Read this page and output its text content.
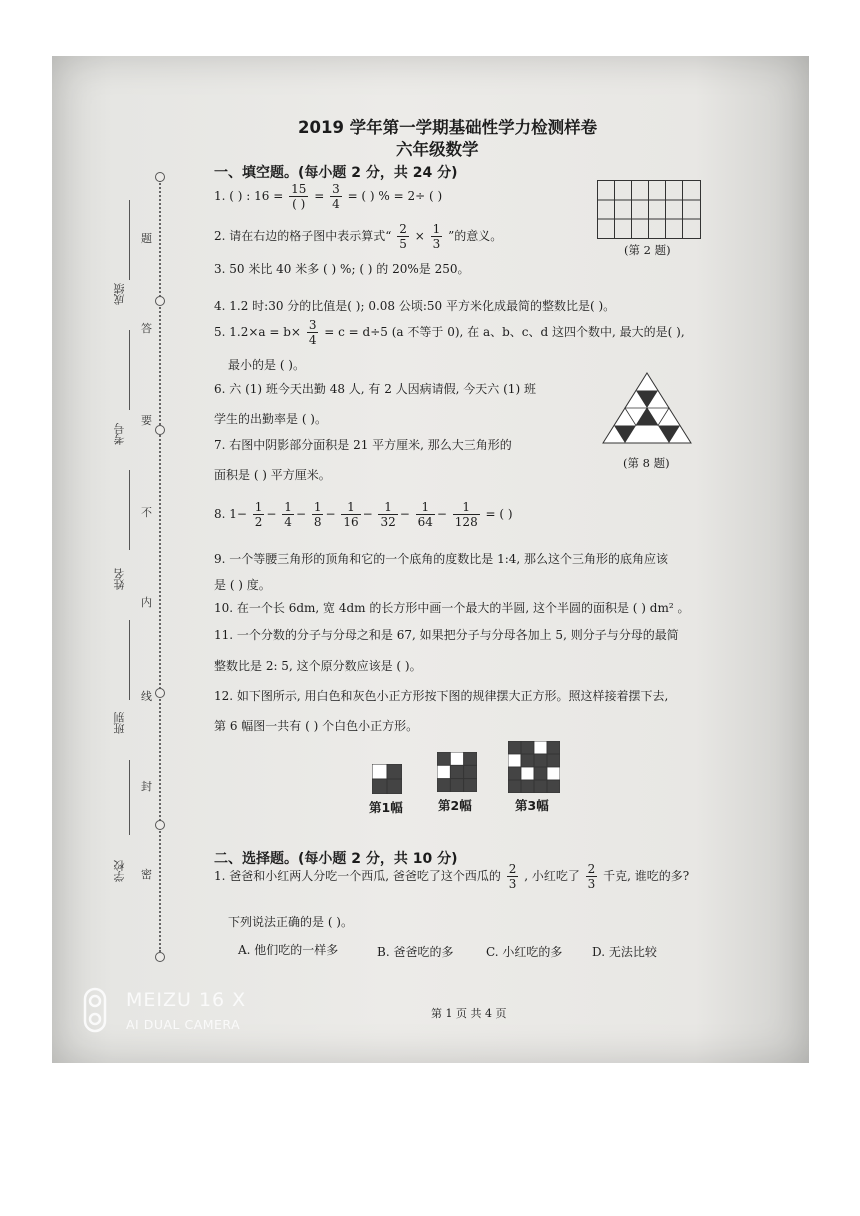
成绩
考号
姓名
班别
学校
题
答
要
不
内
线
封
密
2019 学年第一学期基础性学力检测样卷
六年级数学
一、填空题。(每小题 2 分，共 24 分)
1. ( ) : $16 = \frac{15}{( )} = \frac{3}{4}$ = ( ) % = 2÷ ( )
(第 2 题)
2. 请在右边的格子图中表示算式“ $\frac{2}{5} \times \frac{1}{3}$ ”的意义。
3. 50 米比 40 米多 ( ) %; ( ) 的 20%是 250。
4. 1.2 时:30 分的比值是( ); 0.08 公顷:50 平方米化成最简的整数比是( )。
5. $1.2\times a = b\times \frac{3}{4} = c = d\div 5$ (a 不等于 0), 在 a、b、c、d 这四个数中, 最大的是( ),
最小的是 ( )。
6. 六 (1) 班今天出勤 48 人, 有 2 人因病请假, 今天六 (1) 班
学生的出勤率是 ( )。
(第 8 题)
7. 右图中阴影部分面积是 21 平方厘米, 那么大三角形的
面积是 ( ) 平方厘米。
8. $1- \frac{1}{2} - \frac{1}{4} - \frac{1}{8} - \frac{1}{16} - \frac{1}{32} - \frac{1}{64} - \frac{1}{128}$ = ( )
9. 一个等腰三角形的顶角和它的一个底角的度数比是 1:4, 那么这个三角形的底角应该
是 ( ) 度。
10. 在一个长 6dm, 宽 4dm 的长方形中画一个最大的半圆, 这个半圆的面积是 ( ) dm² 。
11. 一个分数的分子与分母之和是 67, 如果把分子与分母各加上 5, 则分子与分母的最简
整数比是 2: 5, 这个原分数应该是 ( )。
12. 如下图所示, 用白色和灰色小正方形按下图的规律摆大正方形。照这样接着摆下去,
第 6 幅图一共有 ( ) 个白色小正方形。
第1幅	第2幅	第3幅
二、选择题。(每小题 2 分，共 10 分)
1. 爸爸和小红两人分吃一个西瓜, 爸爸吃了这个西瓜的 $\frac{2}{3}$ , 小红吃了 $\frac{2}{3}$ 千克, 谁吃的多?
下列说法正确的是 ( )。
A. 他们吃的一样多	B. 爸爸吃的多	C. 小红吃的多 D. 无法比较
第 1 页 共 4 页
MEIZU 16 X
AI DUAL CAMERA
